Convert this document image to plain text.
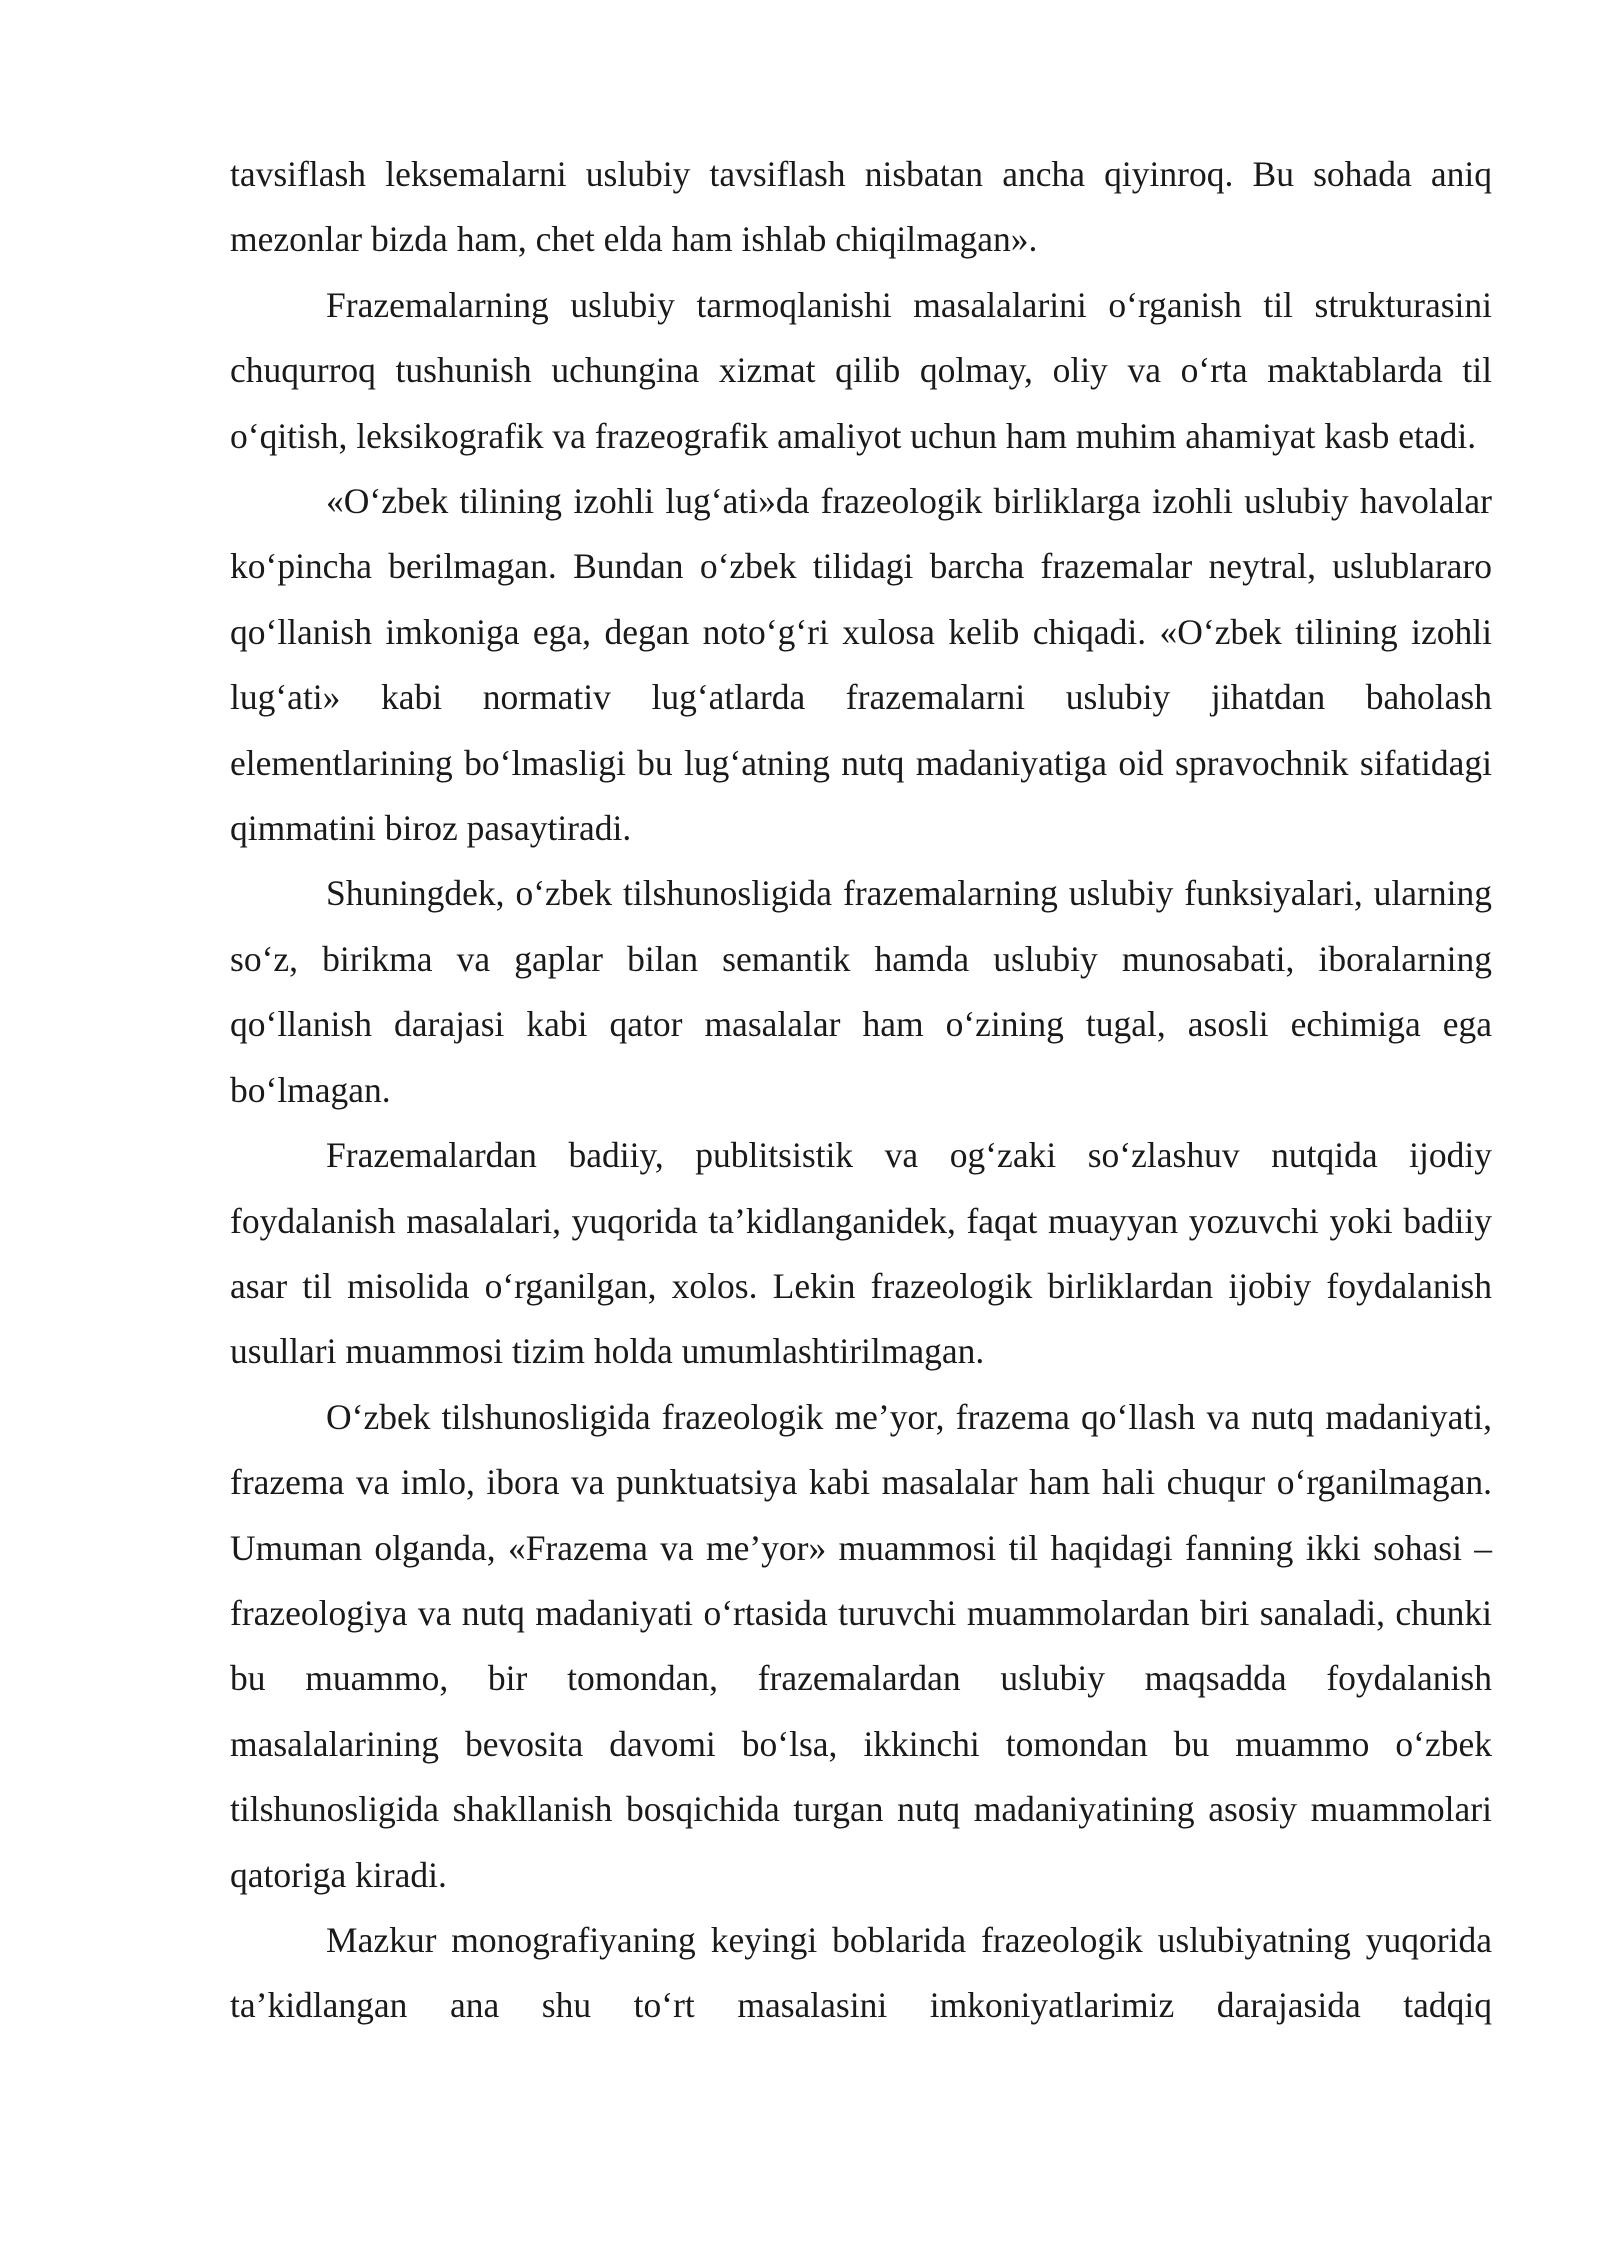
tavsiflash leksemalarni uslubiy tavsiflash nisbatan ancha qiyinroq. Bu sohada aniq mezonlar bizda ham, chet elda ham ishlab chiqilmagan».

Frazemalarning uslubiy tarmoqlanishi masalalarini o‘rganish til strukturasini chuqurroq tushunish uchungina xizmat qilib qolmay, oliy va o‘rta maktablarda til o‘qitish, leksikografik va frazeografik amaliyot uchun ham muhim ahamiyat kasb etadi.

«O‘zbek tilining izohli lug‘ati»da frazeologik birliklarga izohli uslubiy havolalar ko‘pincha berilmagan. Bundan o‘zbek tilidagi barcha frazemalar neytral, uslublararo qo‘llanish imkoniga ega, degan noto‘g‘ri xulosa kelib chiqadi. «O‘zbek tilining izohli lug‘ati» kabi normativ lug‘atlarda frazemalarni uslubiy jihatdan baholash elementlarining bo‘lmasligi bu lug‘atning nutq madaniyatiga oid spravochnik sifatidagi qimmatini biroz pasaytiradi.

Shuningdek, o‘zbek tilshunosligida frazemalarning uslubiy funksiyalari, ularning so‘z, birikma va gaplar bilan semantik hamda uslubiy munosabati, iboralarning qo‘llanish darajasi kabi qator masalalar ham o‘zining tugal, asosli echimiga ega bo‘lmagan.

Frazemalardan badiiy, publitsistik va og‘zaki so‘zlashuv nutqida ijodiy foydalanish masalalari, yuqorida ta’kidlanganidek, faqat muayyan yozuvchi yoki badiiy asar til misolida o‘rganilgan, xolos. Lekin frazeologik birliklardan ijobiy foydalanish usullari muammosi tizim holda umumlashtirilmagan.

O‘zbek tilshunosligida frazeologik me’yor, frazema qo‘llash va nutq madaniyati, frazema va imlo, ibora va punktuatsiya kabi masalalar ham hali chuqur o‘rganilmagan. Umuman olganda, «Frazema va me’yor» muammosi til haqidagi fanning ikki sohasi – frazeologiya va nutq madaniyati o‘rtasida turuvchi muammolardan biri sanaladi, chunki bu muammo, bir tomondan, frazemalardan uslubiy maqsadda foydalanish masalalarining bevosita davomi bo‘lsa, ikkinchi tomondan bu muammo o‘zbek tilshunosligida shakllanish bosqichida turgan nutq madaniyatining asosiy muammolari qatoriga kiradi.

Mazkur monografiyaning keyingi boblarida frazeologik uslubiyatning yuqorida ta’kidlangan ana shu to‘rt masalasini imkoniyatlarimiz darajasida tadqiq
